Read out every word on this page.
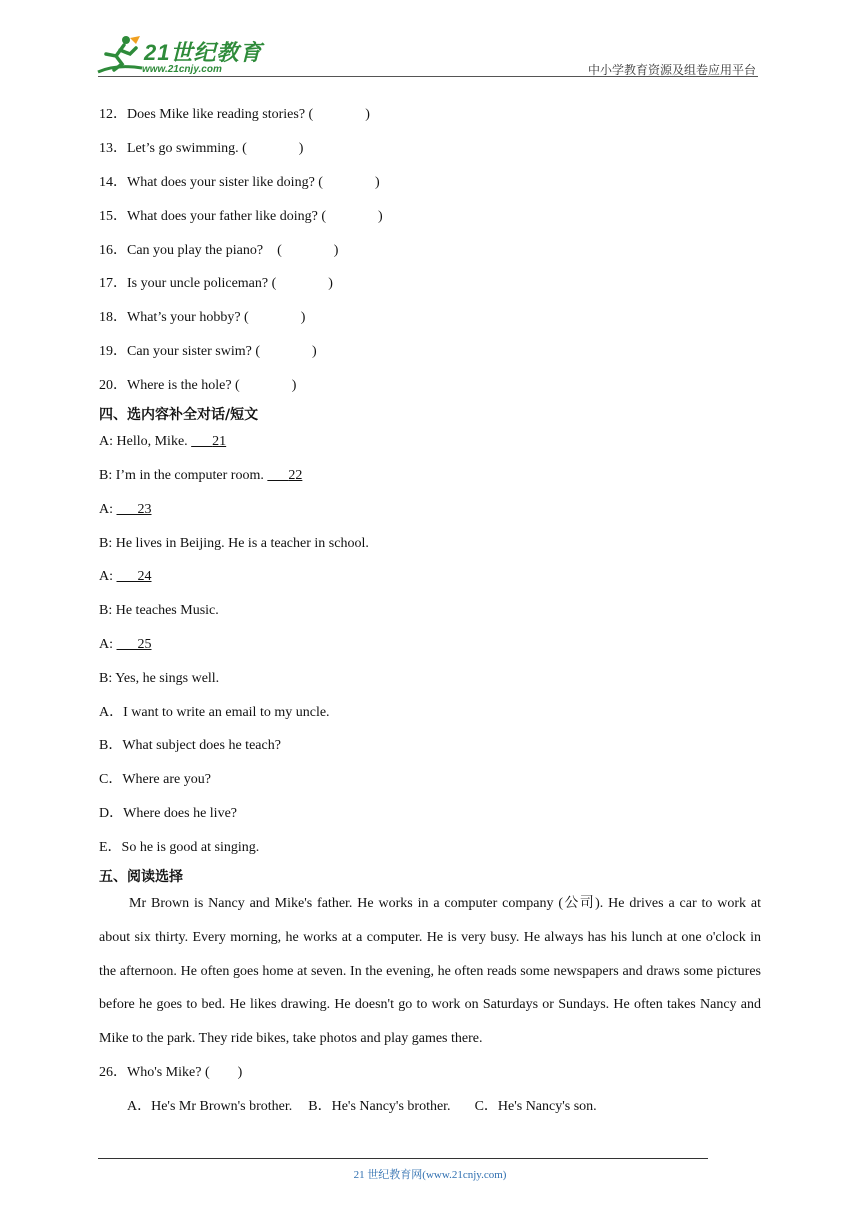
21世纪教育
www.21cnjy.com	中小学教育资源及组卷应用平台
12．Does Mike like reading stories? (	)
13．Let’s go swimming. (	)
14．What does your sister like doing? (	)
15．What does your father like doing? (	)
16．Can you play the piano?　(	)
17．Is your uncle policeman? (	)
18．What’s your hobby? (	)
19．Can your sister swim? (	)
20．Where is the hole? (	)
四、选内容补全对话/短文
A: Hello, Mike.       21
B: I’m in the computer room.       22
A:       23
B: He lives in Beijing. He is a teacher in school.
A:       24
B: He teaches Music.
A:       25
B: Yes, he sings well.
A．I want to write an email to my uncle.
B．What subject does he teach?
C．Where are you?
D．Where does he live?
E．So he is good at singing.
五、阅读选择
Mr Brown is Nancy and Mike's father. He works in a computer company (公司). He drives a car to work at about six thirty. Every morning, he works at a computer. He is very busy. He always has his lunch at one o'clock in the afternoon. He often goes home at seven. In the evening, he often reads some newspapers and draws some pictures before he goes to bed. He likes drawing. He doesn't go to work on Saturdays or Sundays. He often takes Nancy and Mike to the park. They ride bikes, take photos and play games there.
26．Who's Mike? (　　)
A．He's Mr Brown's brother. B．He's Nancy's brother. C．He's Nancy's son.
21 世纪教育网(www.21cnjy.com)
